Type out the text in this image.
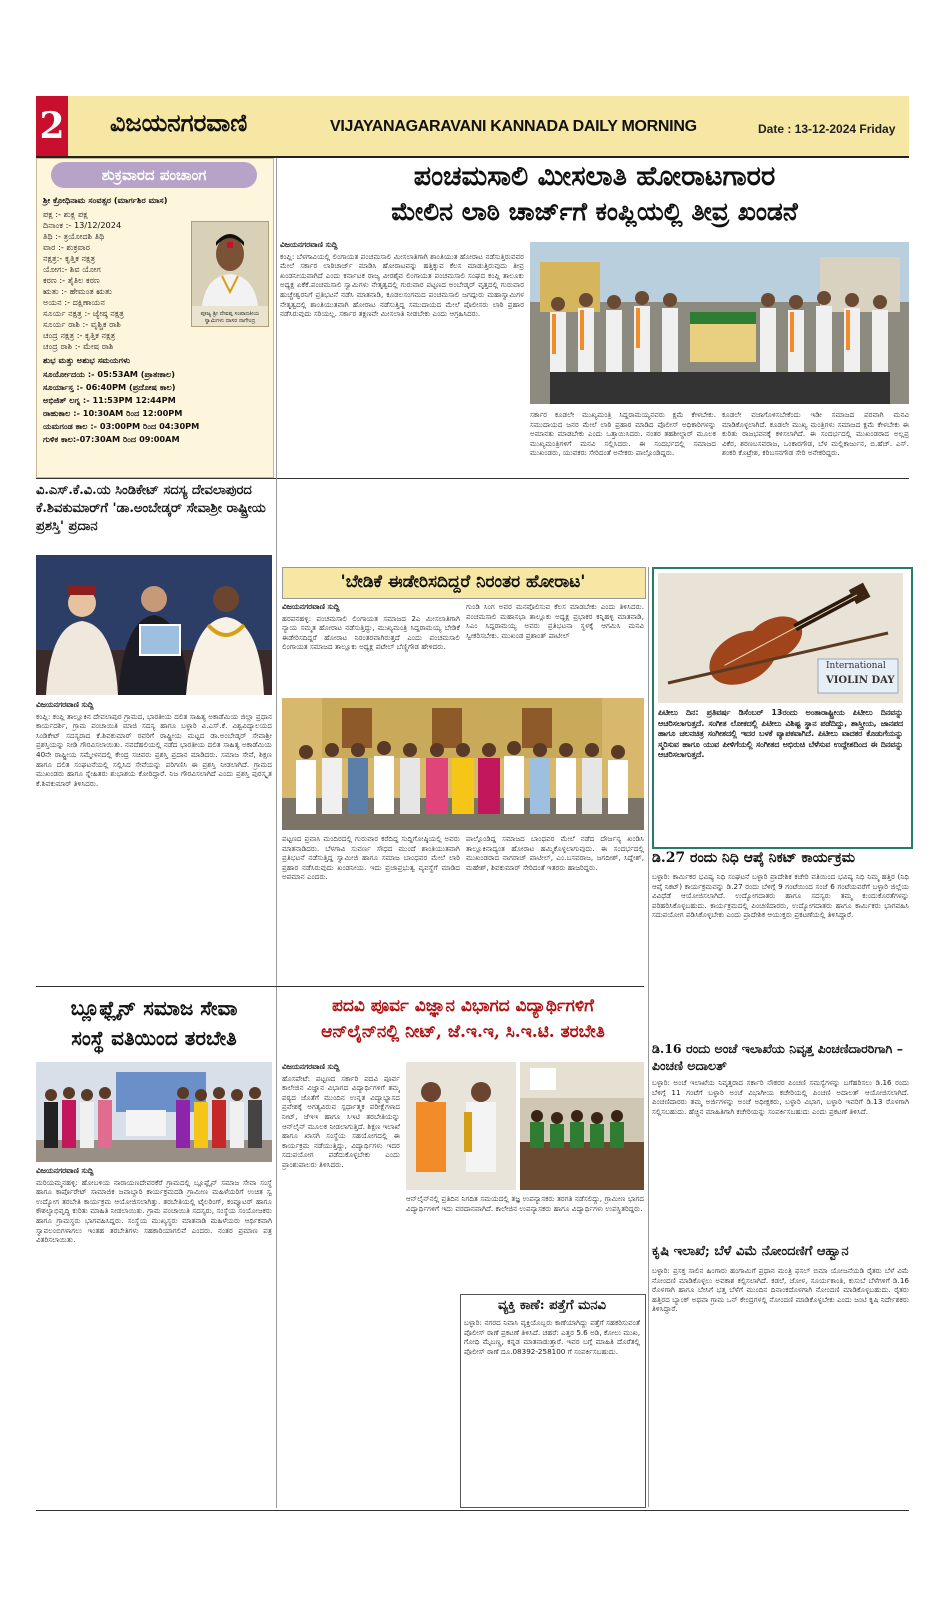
2 ವಿಜಯನಗರವಾಣಿ	VIJAYANAGARAVANI KANNADA DAILY MORNING	Date : 13-12-2024 Friday
ಶುಕ್ರವಾರದ ಪಂಚಾಂಗ
ಶ್ರೀ ಕ್ರೋಧಿನಾಮ ಸಂವತ್ಸರ (ಮಾರ್ಗಶಿರ ಮಾಸ)
ಪಕ್ಷ :- ಶುಕ್ಲ ಪಕ್ಷ
ದಿನಾಂಕ :- 13/12/2024
ತಿಥಿ :- ತ್ರಯೋದಶಿ ತಿಥಿ
ವಾರ :- ಶುಕ್ರವಾರ
ನಕ್ಷತ್ರ:- ಕೃತ್ತಿಕ ನಕ್ಷತ್ರ
ಯೋಗ:- ಶಿವ ಯೋಗ
ಕರಣ :- ತೈತಿಲ ಕರಣ
ಋತು :- ಹೇಮಂತ ಋತು
ಅಯನ :- ದಕ್ಷಿಣಾಯನ
ಸೂರ್ಯ ನಕ್ಷತ್ರ :- ಜ್ಯೇಷ್ಠ ನಕ್ಷತ್ರ
ಸೂರ್ಯ ರಾಶಿ :- ವೃಶ್ಚಿಕ ರಾಶಿ
ಚಂದ್ರ ನಕ್ಷತ್ರ :- ಕೃತ್ತಿಕ ನಕ್ಷತ್ರ
ಚಂದ್ರ ರಾಶಿ :- ಮೇಷ ರಾಶಿ
ಪೂಜ್ಯ ಶ್ರೀ ದೇವಪ್ಪ ಸಂಪಾದಕೀಯ ಸ್ವಾಮಿಗಳು ದಾಸರ ನಾಗೇಂದ್ರ
ಶುಭ ಮತ್ತು ಅಶುಭ ಸಮಯಗಳು
ಸೂರ್ಯೋದಯ :- 05:53AM (ಪ್ರಾತಃಕಾಲ)
ಸೂರ್ಯಾಸ್ತ :- 06:40PM (ಪ್ರದೋಷ ಕಾಲ)
ಅಭಿಜಿತ್ ಲಗ್ನ :- 11:53PM 12:44PM
ರಾಹುಕಾಲ :- 10:30AM ರಿಂದ 12:00PM
ಯಮಗಂಡ ಕಾಲ :- 03:00PM ರಿಂದ 04:30PM
ಗುಳಿಕ ಕಾಲ:-07:30AM ರಿಂದ 09:00AM
ಪಂಚಮಸಾಲಿ ಮೀಸಲಾತಿ ಹೋರಾಟಗಾರರ
ಮೇಲಿನ ಲಾಠಿ ಚಾರ್ಜ್‌ಗೆ ಕಂಪ್ಲಿಯಲ್ಲಿ ತೀವ್ರ ಖಂಡನೆ
ವಿಜಯನಗರವಾಣಿ ಸುದ್ದಿ

ಕಂಪ್ಲಿ: ಬೆಳಗಾವಿಯಲ್ಲಿ ಲಿಂಗಾಯತ ಪಂಚಮಸಾಲಿ ಮೀಸಲಾತಿಗಾಗಿ ಶಾಂತಿಯುತ ಹೋರಾಟ ನಡೆಸುತ್ತಿರುವವರ ಮೇಲೆ ಸರ್ಕಾರ ಲಾಠಿಚಾರ್ಜ್ ಮಾಡಿಸಿ ಹೋರಾಟವನ್ನು ಹತ್ತಿಕ್ಕುವ ಕೆಲಸ ಮಾಡುತ್ತಿರುವುದು ತೀವ್ರ ಖಂಡನೀಯವಾಗಿದೆ ಎಂದು ಕರ್ನಾಟಕ ರಾಜ್ಯ ವೀರಶೈವ ಲಿಂಗಾಯತ ಪಂಚಮಸಾಲಿ ಸಂಘದ ಕಂಪ್ಲಿ ತಾಲೂಕು ಅಧ್ಯಕ್ಷ ಏಕೆಕೆ.ಪಂಚಮಸಾಲಿ ಸ್ವಾಮಿಗಳು ನೇತೃತ್ವದಲ್ಲಿ ಗುರುವಾರ ಪಟ್ಟಣದ ಅಂಬೇಡ್ಕರ್ ವೃತ್ತದಲ್ಲಿ ಗುರುವಾರ ಹುಚ್ಚೇಶ್ವರನಿಗೆ ಪ್ರತಿಭಟನೆ ನಡೆಸಿ ಮಾತನಾಡಿ, ಕೂಡಲಸಂಗಮದ ಪಂಚಮಸಾಲಿ ಜಗದ್ಗುರು ಮಹಾಸ್ವಾಮಿಗಳ ನೇತೃತ್ವದಲ್ಲಿ ಶಾಂತಿಯುತವಾಗಿ ಹೋರಾಟ ನಡೆಸುತ್ತಿದ್ದ ಸಮುದಾಯದ ಮೇಲೆ ಪೊಲೀಸರು ಲಾಠಿ ಪ್ರಹಾರ ನಡೆಸಿರುವುದು ಸರಿಯಲ್ಲ. ಸರ್ಕಾರ ತಕ್ಷಣವೇ ಮೀಸಲಾತಿ ನೀಡಬೇಕು ಎಂದು ಆಗ್ರಹಿಸಿದರು.

ಸರ್ಕಾರ ಕೂಡಲೇ ಮುಖ್ಯಮಂತ್ರಿ ಸಿದ್ದರಾಮಯ್ಯನವರು ಕ್ಷಮೆ ಕೇಳಬೇಕು. ಸಮುದಾಯದ ಜನರ ಮೇಲೆ ಲಾಠಿ ಪ್ರಹಾರ ಮಾಡಿದ ಪೊಲೀಸ್ ಅಧಿಕಾರಿಗಳನ್ನು ಅಮಾನತು ಮಾಡಬೇಕು ಎಂದು ಒತ್ತಾಯಿಸಿದರು. ನಂತರ ತಹಶೀಲ್ದಾರ್ ಮೂಲಕ ಮುಖ್ಯಮಂತ್ರಿಗಳಿಗೆ ಮನವಿ ಸಲ್ಲಿಸಿದರು. ಈ ಸಂದರ್ಭದಲ್ಲಿ ಸಮಾಜದ ಮುಖಂಡರು, ಯುವಕರು ಸೇರಿದಂತೆ ಅನೇಕರು ಪಾಲ್ಗೊಂಡಿದ್ದರು.

ಕೂಡಲೇ ವಜಾಗೊಳಿಸಬೇಕೆಂದು ಇಡೀ ಸಮಾಜದ ಪರವಾಗಿ ಮನವಿ ಮಾಡಿಕೊಳ್ಳಲಾಗಿದೆ. ಕೂಡಲೇ ಮುಖ್ಯ ಮಂತ್ರಿಗಳು ಸಮಾಜದ ಕ್ಷಮೆ ಕೇಳಬೇಕು ಈ ಕುರಿತು ರಾಜಭವನಕ್ಕೆ ಕಳಿಸಲಾಗಿದೆ. ಈ ಸಂದರ್ಭದಲ್ಲಿ ಮುಖಂಡರಾದ ಅಲ್ಲಪ್ರ ವಿಕೆರ, ಶರಣಬಸವರಾಜ, ಒಂಕಾರಗೌಡ, ಬೆಳ ಮಲ್ಲಿಕಾರ್ಜುನ, ಬಿ.ಹೆಚ್. ಎಸ್. ಶಂಕರಿ ಕೊಟ್ರೇಶ, ಕರಿಬಸನಗೌಡ ಸೇರಿ ಅನೇಕರಿದ್ದರು.

ವಿ.ಎಸ್.ಕೆ.ವಿ.ಯ ಸಿಂಡಿಕೇಟ್ ಸದಸ್ಯ ದೇವಲಾಪುರದ ಕೆ.ಶಿವಕುಮಾರ್‌ಗೆ 'ಡಾ.ಅಂಬೇಡ್ಕರ್ ಸೇವಾಶ್ರೀ ರಾಷ್ಟ್ರೀಯ ಪ್ರಶಸ್ತಿ' ಪ್ರದಾನ
ವಿಜಯನಗರವಾಣಿ ಸುದ್ದಿ

ಕಂಪ್ಲಿ: ಕಂಪ್ಲಿ ತಾಲ್ಲೂಕಿನ ದೇವಲಾಪುರ ಗ್ರಾಮದ, ಭಾರತೀಯ ದಲಿತ ಸಾಹಿತ್ಯ ಅಕಾಡೆಮಿಯ ಜಿಲ್ಲಾ ಪ್ರಧಾನ ಕಾರ್ಯದರ್ಶಿ, ಗ್ರಾಮ ಪಂಚಾಯಿತಿ ಮಾಜಿ ಸದಸ್ಯ ಹಾಗೂ ಬಳ್ಳಾರಿ ವಿ.ಎಸ್.ಕೆ. ವಿಶ್ವವಿದ್ಯಾಲಯದ ಸಿಂಡಿಕೇಟ್ ಸದಸ್ಯರಾದ ಕೆ.ಶಿವಕುಮಾರ್ ರವರಿಗೆ ರಾಷ್ಟ್ರೀಯ ಮಟ್ಟದ ಡಾ.ಅಂಬೇಡ್ಕರ್ ಸೇವಾಶ್ರೀ ಪ್ರಶಸ್ತಿಯನ್ನು ನೀಡಿ ಗೌರವಿಸಲಾಯಿತು. ನವದೆಹಲಿಯಲ್ಲಿ ನಡೆದ ಭಾರತೀಯ ದಲಿತ ಸಾಹಿತ್ಯ ಅಕಾಡೆಮಿಯ 40ನೇ ರಾಷ್ಟ್ರೀಯ ಸಮ್ಮೇಳನದಲ್ಲಿ ಕೇಂದ್ರ ಸಚಿವರು ಪ್ರಶಸ್ತಿ ಪ್ರದಾನ ಮಾಡಿದರು. ಸಮಾಜ ಸೇವೆ, ಶಿಕ್ಷಣ ಹಾಗೂ ದಲಿತ ಸಂಘಟನೆಯಲ್ಲಿ ಸಲ್ಲಿಸಿದ ಸೇವೆಯನ್ನು ಪರಿಗಣಿಸಿ ಈ ಪ್ರಶಸ್ತಿ ನೀಡಲಾಗಿದೆ. ಗ್ರಾಮದ ಮುಖಂಡರು ಹಾಗೂ ಸ್ನೇಹಿತರು ಶುಭಾಶಯ ಕೋರಿದ್ದಾರೆ. ನಿಜ ಗೌರವಿಸಲಾಗಿದೆ ಎಂದು ಪ್ರಶಸ್ತಿ ಪುರಸ್ಕೃತ ಕೆ.ಶಿವಕುಮಾರ್ ತಿಳಿಸಿದರು.

'ಬೇಡಿಕೆ ಈಡೇರಿಸದಿದ್ದರೆ ನಿರಂತರ ಹೋರಾಟ'
ವಿಜಯನಗರವಾಣಿ ಸುದ್ದಿ

ಹರಪನಹಳ್ಳಿ: ಪಂಚಮಸಾಲಿ ಲಿಂಗಾಯತ ಸಮಾಜದ 2ಎ ಮೀಸಲಾತಿಗಾಗಿ ನ್ಯಾಯ ಸಮ್ಮತ ಹೋರಾಟ ನಡೆಸುತ್ತಿದ್ದು, ಮುಖ್ಯಮಂತ್ರಿ ಸಿದ್ದರಾಮಯ್ಯ ಬೇಡಿಕೆ ಈಡೇರಿಸದಿದ್ದರೆ ಹೋರಾಟ ನಿರಂತರವಾಗಿರುತ್ತದೆ ಎಂದು ಪಂಚಮಸಾಲಿ ಲಿಂಗಾಯತ ಸಮಾಜದ ತಾಲ್ಲೂಕು ಅಧ್ಯಕ್ಷ ಪಟೇಲ್ ಬೆಣ್ಣಿಗೌಡ ಹೇಳಿದರು.

ಗುಂಡಿ ಸಿಂಗ ಅವರ ಮನವೊಲಿಸುವ ಕೆಲಸ ಮಾಡಬೇಕು ಎಂದು ತಿಳಿಸಿದರು. ಪಂಚಮಸಾಲಿ ಮಹಾಸಭಾ ತಾಲ್ಲೂಕು ಅಧ್ಯಕ್ಷ ಪ್ರಭಾಕರ ಕನ್ನಿಹಳ್ಳಿ ಮಾತನಾಡಿ, ಸಿಎಂ ಸಿದ್ದರಾಮಯ್ಯ ಅವರು ಪ್ರತಿಭಟನಾ ಸ್ಥಳಕ್ಕೆ ಆಗಮಿಸಿ ಮನವಿ ಸ್ವೀಕರಿಸಬೇಕು. ಮುಖಂಡ ಪ್ರಶಾಂತ್ ಪಾಟೀಲ್

ಪಟ್ಟಣದ ಪ್ರವಾಸಿ ಮಂದಿರದಲ್ಲಿ ಗುರುವಾರ ಕರೆದಿದ್ದ ಸುದ್ದಿಗೋಷ್ಠಿಯಲ್ಲಿ ಅವರು ಮಾತನಾಡಿದರು. ಬೆಳಗಾವಿ ಸುವರ್ಣ ಸೌಧದ ಮುಂದೆ ಶಾಂತಿಯುತವಾಗಿ ಪ್ರತಿಭಟನೆ ನಡೆಸುತ್ತಿದ್ದ ಸ್ವಾಮೀಜಿ ಹಾಗೂ ಸಮಾಜ ಬಾಂಧವರ ಮೇಲೆ ಲಾಠಿ ಪ್ರಹಾರ ನಡೆಸಿರುವುದು ಖಂಡನೀಯ. ಇದು ಪ್ರಜಾಪ್ರಭುತ್ವ ವ್ಯವಸ್ಥೆಗೆ ಮಾಡಿದ ಅಪಮಾನ ಎಂದರು.

ಪಾಲ್ಗೊಂಡಿದ್ದ ಸಮಾಜದ ಬಾಂಧವರ ಮೇಲೆ ನಡೆದ ದೌರ್ಜನ್ಯ ಖಂಡಿಸಿ ತಾಲ್ಲೂಕಿನಾದ್ಯಂತ ಹೋರಾಟ ಹಮ್ಮಿಕೊಳ್ಳಲಾಗುವುದು. ಈ ಸಂದರ್ಭದಲ್ಲಿ ಮುಖಂಡರಾದ ನಾಗರಾಜ್ ಪಾಟೀಲ್, ಎಂ.ಬಸವರಾಜ, ಜಗದೀಶ್, ಸಿದ್ದೇಶ್, ಮಹೇಶ್, ಶಿವಕುಮಾರ್ ಸೇರಿದಂತೆ ಇತರರು ಹಾಜರಿದ್ದರು.

International
VIOLIN DAY

ಪಿಟೀಲು ದಿನ: ಪ್ರತಿವರ್ಷ ಡಿಸೆಂಬರ್ 13ರಂದು ಅಂತಾರಾಷ್ಟ್ರೀಯ ಪಿಟೀಲು ದಿನವನ್ನು ಆಚರಿಸಲಾಗುತ್ತದೆ. ಸಂಗೀತ ಲೋಕದಲ್ಲಿ ಪಿಟೀಲು ವಿಶಿಷ್ಟ ಸ್ಥಾನ ಪಡೆದಿದ್ದು, ಶಾಸ್ತ್ರೀಯ, ಜಾನಪದ ಹಾಗೂ ಚಲನಚಿತ್ರ ಸಂಗೀತದಲ್ಲಿ ಇದರ ಬಳಕೆ ವ್ಯಾಪಕವಾಗಿದೆ. ಪಿಟೀಲು ವಾದಕರ ಕೊಡುಗೆಯನ್ನು ಸ್ಮರಿಸುವ ಹಾಗೂ ಯುವ ಪೀಳಿಗೆಯಲ್ಲಿ ಸಂಗೀತದ ಅಭಿರುಚಿ ಬೆಳೆಸುವ ಉದ್ದೇಶದಿಂದ ಈ ದಿನವನ್ನು ಆಚರಿಸಲಾಗುತ್ತದೆ.

ಡಿ.27 ರಂದು ನಿಧಿ ಆಪ್ಕೆ ನಿಕಟ್ ಕಾರ್ಯಕ್ರಮ

ಬಳ್ಳಾರಿ: ಕಾರ್ಮಿಕರ ಭವಿಷ್ಯ ನಿಧಿ ಸಂಘಟನೆ ಬಳ್ಳಾರಿ ಪ್ರಾದೇಶಿಕ ಕಚೇರಿ ವತಿಯಿಂದ ಭವಿಷ್ಯ ನಿಧಿ ನಿಮ್ಮ ಹತ್ತಿರ (ನಿಧಿ ಆಪ್ಕೆ ನಿಕಟ್) ಕಾರ್ಯಕ್ರಮವನ್ನು ಡಿ.27 ರಂದು ಬೆಳಿಗ್ಗೆ 9 ಗಂಟೆಯಿಂದ ಸಂಜೆ 6 ಗಂಟೆಯವರೆಗೆ ಬಳ್ಳಾರಿ ಜಿಲ್ಲೆಯ ವಿವಿಧೆಡೆ ಆಯೋಜಿಸಲಾಗಿದೆ. ಉದ್ಯೋಗದಾತರು ಹಾಗೂ ಸದಸ್ಯರು ತಮ್ಮ ಕುಂದುಕೊರತೆಗಳನ್ನು ಪರಿಹರಿಸಿಕೊಳ್ಳಬಹುದು. ಕಾರ್ಯಕ್ರಮದಲ್ಲಿ ಪಿಂಚಣಿದಾರರು, ಉದ್ಯೋಗದಾತರು ಹಾಗೂ ಕಾರ್ಮಿಕರು ಭಾಗವಹಿಸಿ ಸದುಪಯೋಗ ಪಡಿಸಿಕೊಳ್ಳಬೇಕು ಎಂದು ಪ್ರಾದೇಶಿಕ ಆಯುಕ್ತರು ಪ್ರಕಟಣೆಯಲ್ಲಿ ತಿಳಿಸಿದ್ದಾರೆ.

ಬ್ಲೂಫ್ಲೈನ್ ಸಮಾಜ ಸೇವಾ
ಸಂಸ್ಥೆ ವತಿಯಿಂದ ತರಬೇತಿ
ವಿಜಯನಗರವಾಣಿ ಸುದ್ದಿ

ಮರಿಯಮ್ಮನಹಳ್ಳಿ: ಹೋಬಳಿಯ ನಾರಾಯಣದೇವರಕೆರೆ ಗ್ರಾಮದಲ್ಲಿ ಬ್ಲೂಫ್ಲೈನ್ ಸಮಾಜ ಸೇವಾ ಸಂಸ್ಥೆ ಹಾಗೂ ಕಾರ್ಪೊರೇಟ್ ಸಾಮಾಜಿಕ ಜವಾಬ್ದಾರಿ ಕಾರ್ಯಕ್ರಮದಡಿ ಗ್ರಾಮೀಣ ಮಹಿಳೆಯರಿಗೆ ಉಚಿತ ಸ್ವ ಉದ್ಯೋಗ ತರಬೇತಿ ಕಾರ್ಯಕ್ರಮ ಆಯೋಜಿಸಲಾಗಿತ್ತು. ತರಬೇತಿಯಲ್ಲಿ ಟೈಲರಿಂಗ್, ಕಂಪ್ಯೂಟರ್ ಹಾಗೂ ಕೌಶಲ್ಯಾಭಿವೃದ್ಧಿ ಕುರಿತು ಮಾಹಿತಿ ನೀಡಲಾಯಿತು. ಗ್ರಾಮ ಪಂಚಾಯಿತಿ ಸದಸ್ಯರು, ಸಂಸ್ಥೆಯ ಸಂಯೋಜಕರು ಹಾಗೂ ಗ್ರಾಮಸ್ಥರು ಭಾಗವಹಿಸಿದ್ದರು. ಸಂಸ್ಥೆಯ ಮುಖ್ಯಸ್ಥರು ಮಾತನಾಡಿ ಮಹಿಳೆಯರು ಆರ್ಥಿಕವಾಗಿ ಸ್ವಾವಲಂಬಿಗಳಾಗಲು ಇಂತಹ ತರಬೇತಿಗಳು ಸಹಕಾರಿಯಾಗಲಿವೆ ಎಂದರು. ನಂತರ ಪ್ರಮಾಣ ಪತ್ರ ವಿತರಿಸಲಾಯಿತು.

ಪದವಿ ಪೂರ್ವ ವಿಜ್ಞಾನ ವಿಭಾಗದ ವಿದ್ಯಾರ್ಥಿಗಳಿಗೆ
ಆನ್‌ಲೈನ್‌ನಲ್ಲಿ ನೀಟ್, ಜೆ.ಇ.ಇ, ಸಿ.ಇ.ಟಿ. ತರಬೇತಿ
ವಿಜಯನಗರವಾಣಿ ಸುದ್ದಿ

ಹೊಸಪೇಟೆ: ಪಟ್ಟಣದ ಸರ್ಕಾರಿ ಪದವಿ ಪೂರ್ವ ಕಾಲೇಜಿನ ವಿಜ್ಞಾನ ವಿಭಾಗದ ವಿದ್ಯಾರ್ಥಿಗಳಿಗೆ ತಮ್ಮ ಪಠ್ಯದ ಜೊತೆಗೆ ಮುಂದಿನ ಉನ್ನತ ವಿದ್ಯಾಭ್ಯಾಸದ ಪ್ರವೇಶಕ್ಕೆ ಅಗತ್ಯವಿರುವ ಸ್ಪರ್ಧಾತ್ಮಕ ಪರೀಕ್ಷೆಗಳಾದ ನೀಟ್, ಜೆಇಇ ಹಾಗೂ ಸಿಇಟಿ ತರಬೇತಿಯನ್ನು ಆನ್‌ಲೈನ್ ಮೂಲಕ ನೀಡಲಾಗುತ್ತಿದೆ. ಶಿಕ್ಷಣ ಇಲಾಖೆ ಹಾಗೂ ಖಾಸಗಿ ಸಂಸ್ಥೆಯ ಸಹಯೋಗದಲ್ಲಿ ಈ ಕಾರ್ಯಕ್ರಮ ನಡೆಯುತ್ತಿದ್ದು, ವಿದ್ಯಾರ್ಥಿಗಳು ಇದರ ಸದುಪಯೋಗ ಪಡೆದುಕೊಳ್ಳಬೇಕು ಎಂದು ಪ್ರಾಂಶುಪಾಲರು ತಿಳಿಸಿದರು.

ಆನ್‌ಲೈನ್‌ನಲ್ಲಿ ಪ್ರತಿದಿನ ನಿಗದಿತ ಸಮಯದಲ್ಲಿ ತಜ್ಞ ಉಪನ್ಯಾಸಕರು ತರಗತಿ ನಡೆಸಲಿದ್ದು, ಗ್ರಾಮೀಣ ಭಾಗದ ವಿದ್ಯಾರ್ಥಿಗಳಿಗೆ ಇದು ವರದಾನವಾಗಿದೆ. ಕಾಲೇಜಿನ ಉಪನ್ಯಾಸಕರು ಹಾಗೂ ವಿದ್ಯಾರ್ಥಿಗಳು ಉಪಸ್ಥಿತರಿದ್ದರು.

ವ್ಯಕ್ತಿ ಕಾಣೆ: ಪತ್ತೆಗೆ ಮನವಿ

ಬಳ್ಳಾರಿ: ನಗರದ ನಿವಾಸಿ ವ್ಯಕ್ತಿಯೊಬ್ಬರು ಕಾಣೆಯಾಗಿದ್ದು ಪತ್ತೆಗೆ ಸಹಕರಿಸುವಂತೆ ಪೊಲೀಸ್ ಠಾಣೆ ಪ್ರಕಟಣೆ ತಿಳಿಸಿದೆ. ಚಹರೆ: ಎತ್ತರ 5.6 ಅಡಿ, ಕೋಲು ಮುಖ, ಗೋಧಿ ಮೈಬಣ್ಣ, ಕನ್ನಡ ಮಾತನಾಡುತ್ತಾರೆ. ಇವರ ಬಗ್ಗೆ ಮಾಹಿತಿ ದೊರೆತಲ್ಲಿ ಪೊಲೀಸ್ ಠಾಣೆ ದೂ.08392-258100 ಗೆ ಸಂಪರ್ಕಿಸಬಹುದು.

ಡಿ.16 ರಂದು ಅಂಚೆ ಇಲಾಖೆಯ ನಿವೃತ್ತ ಪಿಂಚಣಿದಾರರಿಗಾಗಿ – ಪಿಂಚಣಿ ಅದಾಲತ್

ಬಳ್ಳಾರಿ: ಅಂಚೆ ಇಲಾಖೆಯ ನಿವೃತ್ತರಾದ ಸರ್ಕಾರಿ ನೌಕರರ ಪಿಂಚಣಿ ಸಮಸ್ಯೆಗಳನ್ನು ಬಗೆಹರಿಸಲು ಡಿ.16 ರಂದು ಬೆಳಿಗ್ಗೆ 11 ಗಂಟೆಗೆ ಬಳ್ಳಾರಿ ಅಂಚೆ ವಿಭಾಗೀಯ ಕಚೇರಿಯಲ್ಲಿ ಪಿಂಚಣಿ ಅದಾಲತ್ ಆಯೋಜಿಸಲಾಗಿದೆ. ಪಿಂಚಣಿದಾರರು ತಮ್ಮ ಅರ್ಜಿಗಳನ್ನು ಅಂಚೆ ಅಧೀಕ್ಷಕರು, ಬಳ್ಳಾರಿ ವಿಭಾಗ, ಬಳ್ಳಾರಿ ಇವರಿಗೆ ಡಿ.13 ರೊಳಗಾಗಿ ಸಲ್ಲಿಸಬಹುದು. ಹೆಚ್ಚಿನ ಮಾಹಿತಿಗಾಗಿ ಕಚೇರಿಯನ್ನು ಸಂಪರ್ಕಿಸಬಹುದು ಎಂದು ಪ್ರಕಟಣೆ ತಿಳಿಸಿದೆ.

ಕೃಷಿ ಇಲಾಖೆ; ಬೆಳೆ ವಿಮೆ ನೋಂದಣಿಗೆ ಆಹ್ವಾನ

ಬಳ್ಳಾರಿ: ಪ್ರಸಕ್ತ ಸಾಲಿನ ಹಿಂಗಾರು ಹಂಗಾಮಿಗೆ ಪ್ರಧಾನ ಮಂತ್ರಿ ಫಸಲ್ ಬಿಮಾ ಯೋಜನೆಯಡಿ ರೈತರು ಬೆಳೆ ವಿಮೆ ನೋಂದಣಿ ಮಾಡಿಕೊಳ್ಳಲು ಅವಕಾಶ ಕಲ್ಪಿಸಲಾಗಿದೆ. ಕಡಲೆ, ಜೋಳ, ಸೂರ್ಯಕಾಂತಿ, ಕುಸುಬೆ ಬೆಳೆಗಳಿಗೆ ಡಿ.16 ರೊಳಗಾಗಿ ಹಾಗೂ ಬೇಸಿಗೆ ಭತ್ತ ಬೆಳೆಗೆ ಮುಂದಿನ ದಿನಾಂಕದೊಳಗಾಗಿ ನೋಂದಣಿ ಮಾಡಿಕೊಳ್ಳಬಹುದು. ರೈತರು ಹತ್ತಿರದ ಬ್ಯಾಂಕ್ ಅಥವಾ ಗ್ರಾಮ ಒನ್ ಕೇಂದ್ರಗಳಲ್ಲಿ ನೋಂದಣಿ ಮಾಡಿಕೊಳ್ಳಬೇಕು ಎಂದು ಜಂಟಿ ಕೃಷಿ ನಿರ್ದೇಶಕರು ತಿಳಿಸಿದ್ದಾರೆ.
